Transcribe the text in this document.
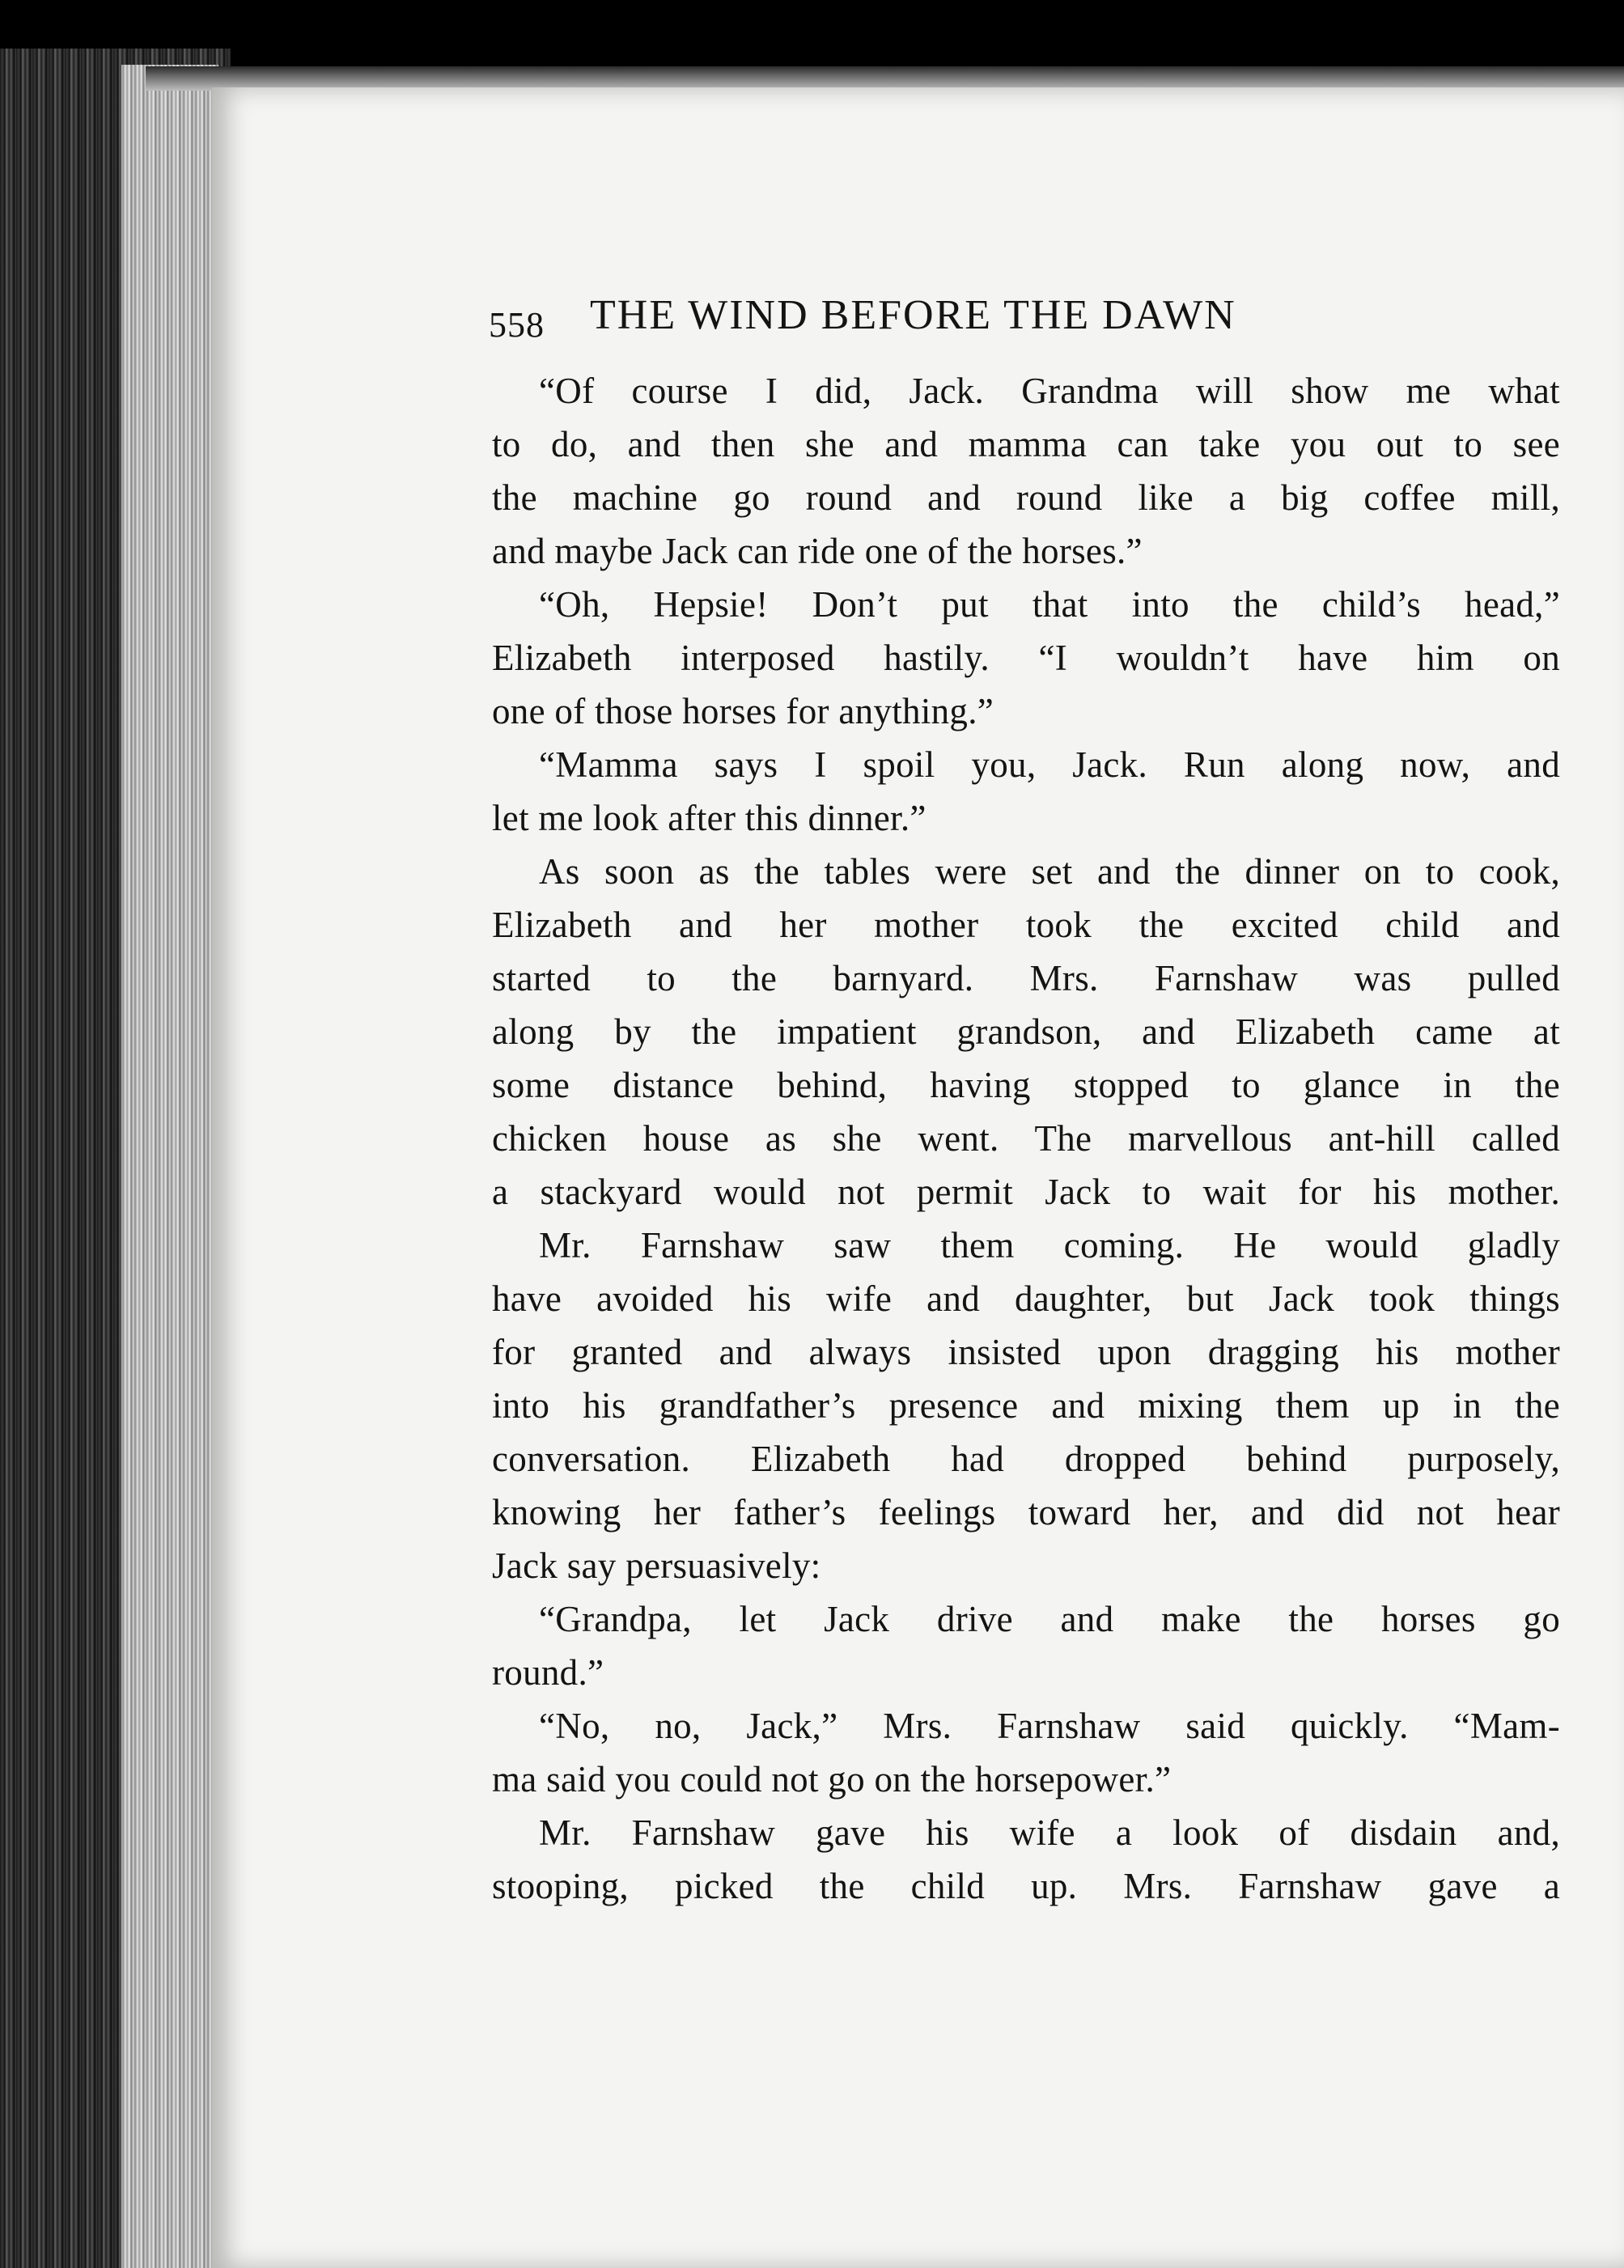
558 THE WIND BEFORE THE DAWN
“Of course I did, Jack. Grandma will show me what
to do, and then she and mamma can take you out to see
the machine go round and round like a big coffee mill,
and maybe Jack can ride one of the horses.”
“Oh, Hepsie! Don’t put that into the child’s head,”
Elizabeth interposed hastily. “I wouldn’t have him on
one of those horses for anything.”
“Mamma says I spoil you, Jack. Run along now, and
let me look after this dinner.”
As soon as the tables were set and the dinner on to cook,
Elizabeth and her mother took the excited child and
started to the barnyard. Mrs. Farnshaw was pulled
along by the impatient grandson, and Elizabeth came at
some distance behind, having stopped to glance in the
chicken house as she went. The marvellous ant-hill called
a stackyard would not permit Jack to wait for his mother.
Mr. Farnshaw saw them coming. He would gladly
have avoided his wife and daughter, but Jack took things
for granted and always insisted upon dragging his mother
into his grandfather’s presence and mixing them up in the
conversation. Elizabeth had dropped behind purposely,
knowing her father’s feelings toward her, and did not hear
Jack say persuasively:
“Grandpa, let Jack drive and make the horses go
round.”
“No, no, Jack,” Mrs. Farnshaw said quickly. “Mam-
ma said you could not go on the horsepower.”
Mr. Farnshaw gave his wife a look of disdain and,
stooping, picked the child up. Mrs. Farnshaw gave a
